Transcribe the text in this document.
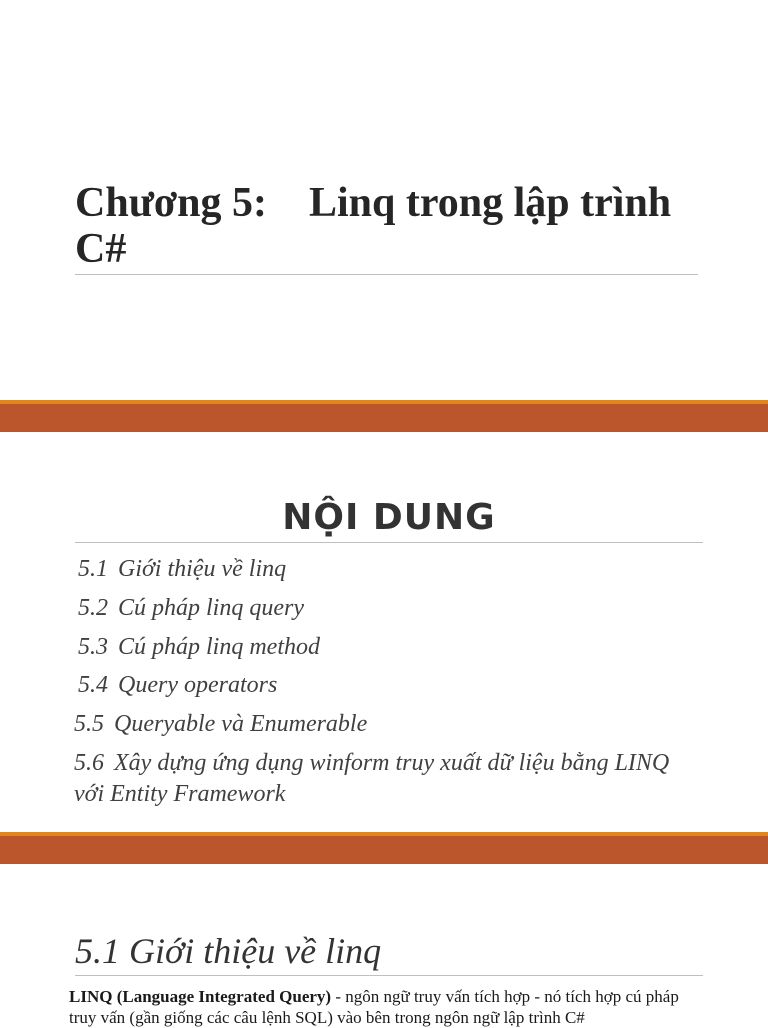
Chương 5: Linq trong lập trình C#
5.1 Giới thiệu về linq
5.2 Cú pháp linq query
5.3 Cú pháp linq method
5.4 Query operators
5.5 Queryable và Enumerable
5.6 Xây dựng ứng dụng winform truy xuất dữ liệu bằng LINQ với Entity Framework
NỘI DUNG
5.1 Giới thiệu về linq
LINQ (Language Integrated Query) - ngôn ngữ truy vấn tích hợp - nó tích hợp cú pháp truy vấn (gần giống các câu lệnh SQL) vào bên trong ngôn ngữ lập trình C#
